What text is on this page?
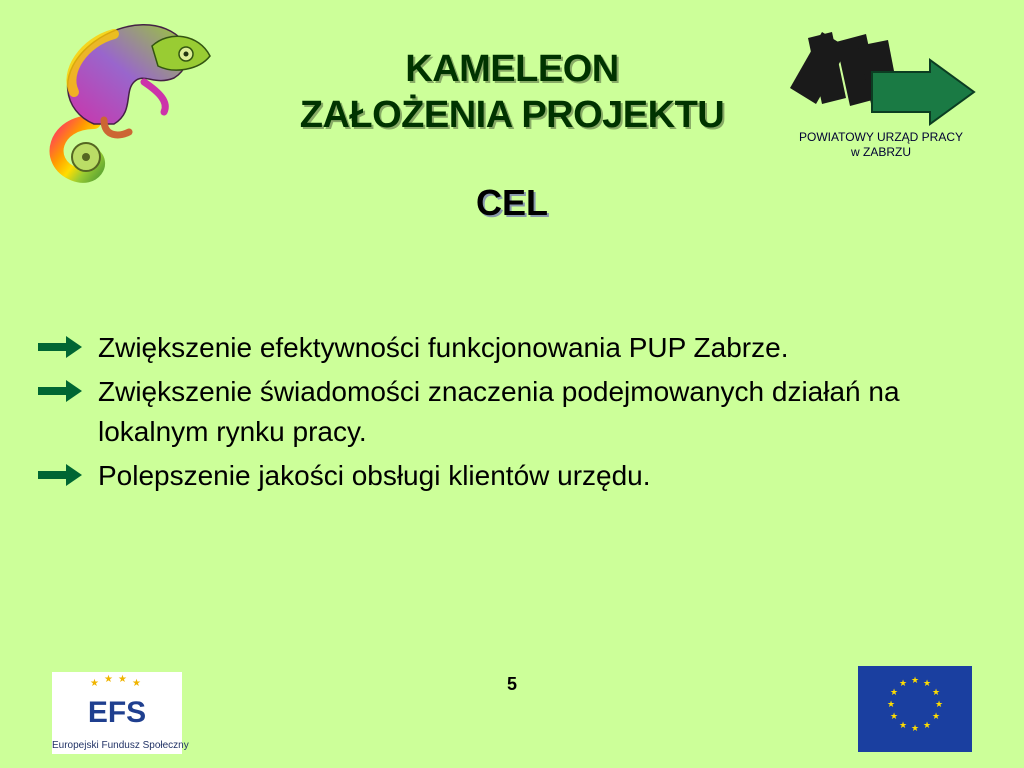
KAMELEON
ZAŁOŻENIA PROJEKTU
POWIATOWY URZĄD PRACY
w ZABRZU
CEL
Zwiększenie efektywności funkcjonowania PUP Zabrze.
Zwiększenie świadomości znaczenia podejmowanych działań na lokalnym rynku pracy.
Polepszenie jakości obsługi klientów urzędu.
5
★ ★ ★ ★
EFS
Europejski Fundusz Społeczny
★ ★
★
★
★
★
★
★
★
★
★
★
